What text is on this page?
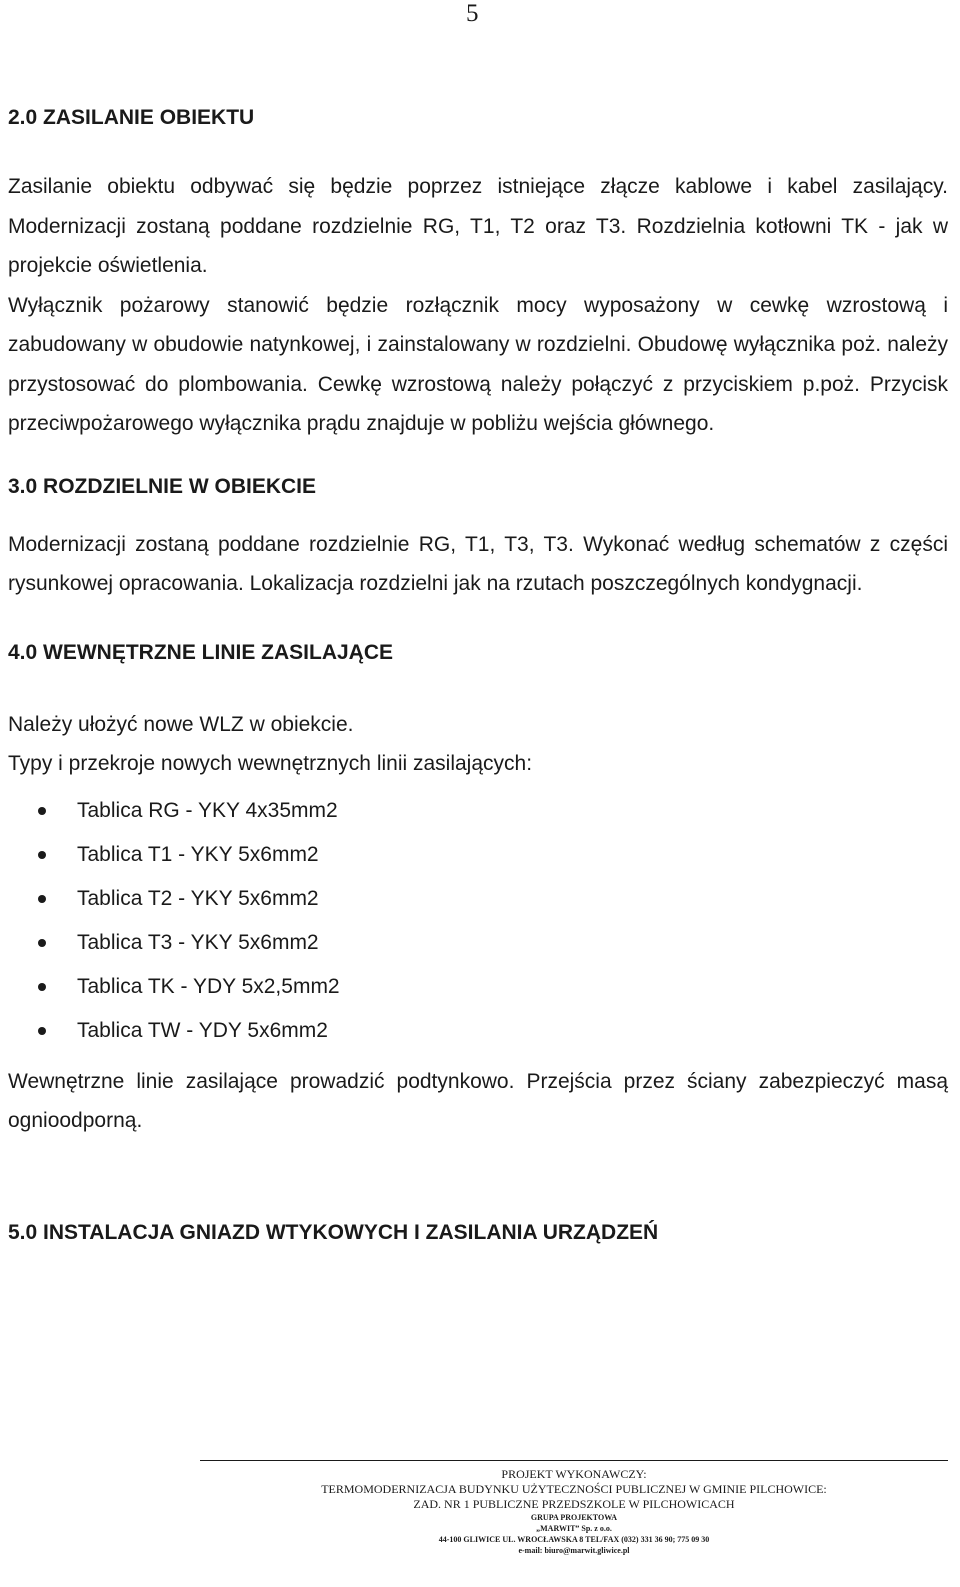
5
2.0 ZASILANIE OBIEKTU

Zasilanie obiektu odbywać się będzie poprzez istniejące złącze kablowe i kabel zasilający. Modernizacji zostaną poddane rozdzielnie RG, T1, T2 oraz T3. Rozdzielnia kotłowni TK - jak w projekcie oświetlenia.

Wyłącznik pożarowy stanowić będzie rozłącznik mocy wyposażony w cewkę wzrostową i zabudowany w obudowie natynkowej, i zainstalowany w rozdzielni. Obudowę wyłącznika poż. należy przystosować do plombowania. Cewkę wzrostową należy połączyć z przyciskiem p.poż. Przycisk przeciwpożarowego wyłącznika prądu znajduje w pobliżu wejścia głównego.

3.0 ROZDZIELNIE W OBIEKCIE

Modernizacji zostaną poddane rozdzielnie RG, T1, T3, T3. Wykonać według schematów z części rysunkowej opracowania. Lokalizacja rozdzielni jak na rzutach poszczególnych kondygnacji.

4.0 WEWNĘTRZNE LINIE ZASILAJĄCE

Należy ułożyć nowe WLZ w obiekcie.

Typy i przekroje nowych wewnętrznych linii zasilających:

Tablica RG - YKY 4x35mm2
Tablica T1 - YKY 5x6mm2
Tablica T2 - YKY 5x6mm2
Tablica T3 - YKY 5x6mm2
Tablica TK - YDY 5x2,5mm2
Tablica TW - YDY 5x6mm2

Wewnętrzne linie zasilające prowadzić podtynkowo. Przejścia przez ściany zabezpieczyć masą ognioodporną.

5.0 INSTALACJA GNIAZD WTYKOWYCH I ZASILANIA URZĄDZEŃ
PROJEKT WYKONAWCZY:
TERMOMODERNIZACJA BUDYNKU UŻYTECZNOŚCI PUBLICZNEJ W GMINIE PILCHOWICE:
ZAD. NR 1 PUBLICZNE PRZEDSZKOLE W PILCHOWICACH
GRUPA PROJEKTOWA
„MARWIT” Sp. z o.o.
44-100 GLIWICE UL. WROCŁAWSKA 8 TEL/FAX (032) 331 36 90; 775 09 30
e-mail: biuro@marwit.gliwice.pl
